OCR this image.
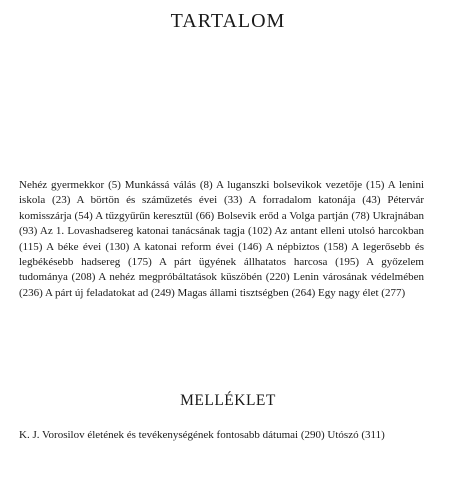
TARTALOM
Nehéz gyermekkor (5) Munkássá válás (8) A luganszki bolsevikok vezetője (15) A lenini iskola (23) A börtön és száműzetés évei (33) A forradalom katonája (43) Pétervár komisszárja (54) A tűzgyűrűn keresztül (66) Bolsevik erőd a Volga partján (78) Ukrajnában (93) Az 1. Lovashadsereg katonai tanácsának tagja (102) Az antant elleni utolsó harcokban (115) A béke évei (130) A katonai reform évei (146) A népbiztos (158) A legerősebb és legbékésebb hadsereg (175) A párt ügyének állhatatos harcosa (195) A győzelem tudománya (208) A nehéz megpróbáltatások küszöbén (220) Lenin városának védelmében (236) A párt új feladatokat ad (249) Magas állami tisztségben (264) Egy nagy élet (277)
MELLÉKLET
K. J. Vorosilov életének és tevékenységének fontosabb dátumai (290) Utószó (311)
